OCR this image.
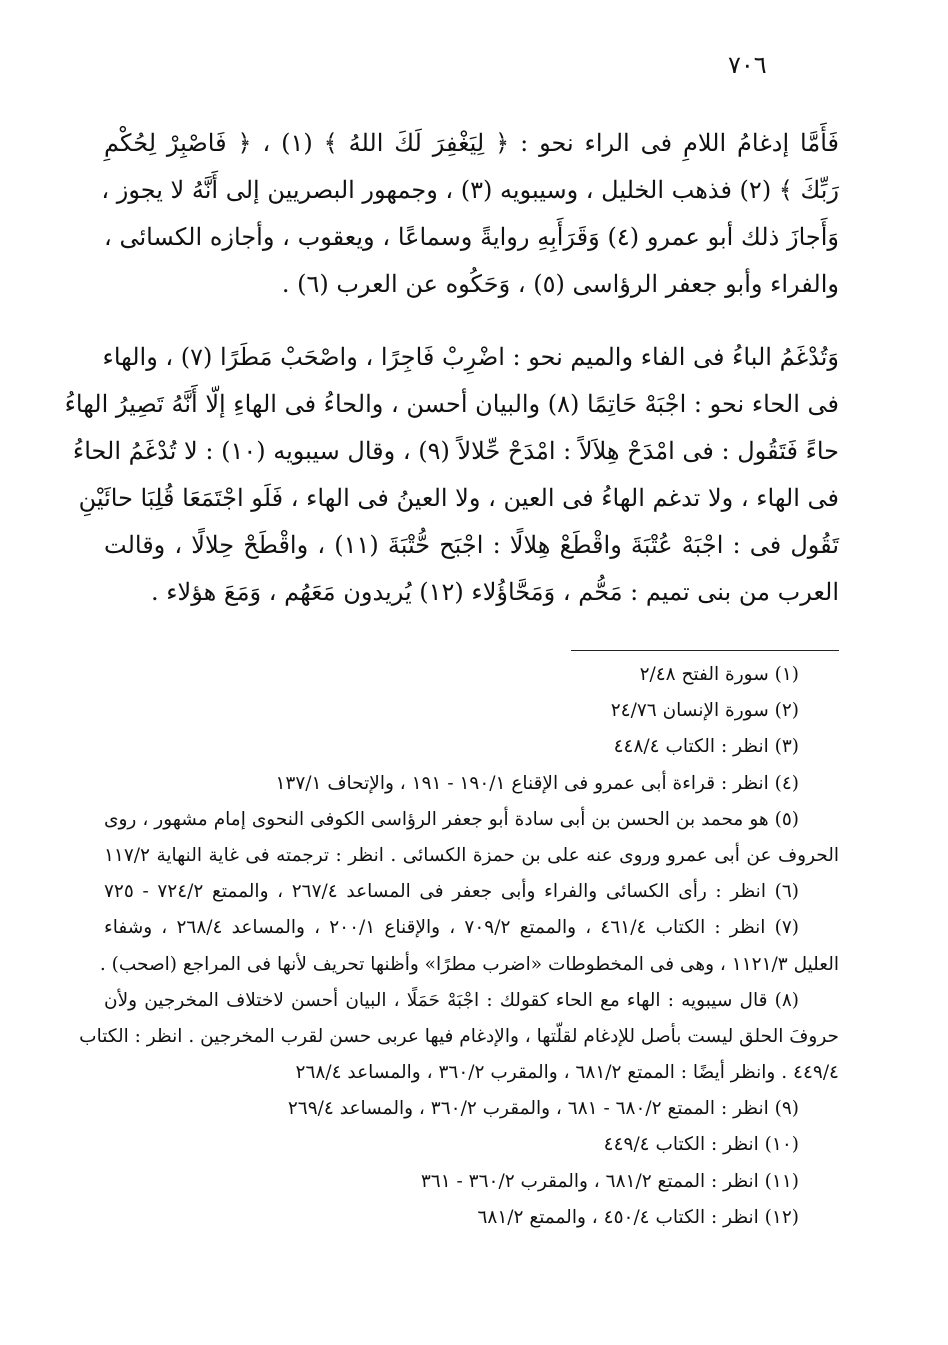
٧٠٦
فَأَمَّا إدغامُ اللامِ فى الراء نحو : ﴿ لِيَغْفِرَ لَكَ اللهُ ﴾ (١) ، ﴿ فَاصْبِرْ لِحُكْمِ
رَبِّكَ ﴾ (٢) فذهب الخليل ، وسيبويه (٣) ، وجمهور البصريين إلى أَنَّهُ لا يجوز ،
وَأَجازَ ذلك أبو عمرو (٤) وَقَرَأَبِهِ روايةً وسماعًا ، ويعقوب ، وأجازه الكسائى ،
والفراء وأبو جعفر الرؤاسى (٥) ، وَحَكُوه عن العرب (٦) .
وَتُدْغَمُ الباءُ فى الفاء والميم نحو : اضْرِبْ فَاجِرًا ، واصْحَبْ مَطَرًا (٧) ، والهاء
فى الحاء نحو : اجْبَهْ حَاتِمًا (٨) والبيان أحسن ، والحاءُ فى الهاءِ إلّا أَنَّهُ تَصِيرُ الهاءُ
حاءً فَتَقُول : فى امْدَحْ هِلاَلاً : امْدَحْ حِّلالاً (٩) ، وقال سيبويه (١٠) : لا تُدْغَمُ الحاءُ
فى الهاء ، ولا تدغم الهاءُ فى العين ، ولا العينُ فى الهاء ، فَلَو اجْتَمَعَا قُلِبَا حائَيْنِ
تَقُول فى : اجْبَهْ عُتْبَةَ واقْطَعْ هِلالًا : اجْبَح حُّتْبَةَ (١١) ، واقْطَحْ حِلالًا ، وقالت
العرب من بنى تميم : مَحُّم ، وَمَحَّاؤُلاء (١٢) يُريدون مَعَهُم ، وَمَعَ هؤلاء .
(١) سورة الفتح ٢/٤٨
(٢) سورة الإنسان ٢٤/٧٦
(٣) انظر : الكتاب ٤٤٨/٤
(٤) انظر : قراءة أبى عمرو فى الإقناع ١٩٠/١ - ١٩١ ، والإتحاف ١٣٧/١
(٥) هو محمد بن الحسن بن أبى سادة أبو جعفر الرؤاسى الكوفى النحوى إمام مشهور ، روى
الحروف عن أبى عمرو وروى عنه على بن حمزة الكسائى . انظر : ترجمته فى غاية النهاية ١١٧/٢
(٦) انظر : رأى الكسائى والفراء وأبى جعفر فى المساعد ٢٦٧/٤ ، والممتع ٧٢٤/٢ - ٧٢٥
(٧) انظر : الكتاب ٤٦١/٤ ، والممتع ٧٠٩/٢ ، والإقناع ٢٠٠/١ ، والمساعد ٢٦٨/٤ ، وشفاء
العليل ١١٢١/٣ ، وهى فى المخطوطات «اضرب مطرًا» وأظنها تحريف لأنها فى المراجع (اصحب) .
(٨) قال سيبويه : الهاء مع الحاء كقولك : اجْبَهْ حَمَلًا ، البيان أحسن لاختلاف المخرجين ولأن
حروفَ الحلق ليست بأصل للإدغام لقلّتها ، والإدغام فيها عربى حسن لقرب المخرجين . انظر : الكتاب
٤٤٩/٤ . وانظر أيضًا : الممتع ٦٨١/٢ ، والمقرب ٣٦٠/٢ ، والمساعد ٢٦٨/٤
(٩) انظر : الممتع ٦٨٠/٢ - ٦٨١ ، والمقرب ٣٦٠/٢ ، والمساعد ٢٦٩/٤
(١٠) انظر : الكتاب ٤٤٩/٤
(١١) انظر : الممتع ٦٨١/٢ ، والمقرب ٣٦٠/٢ - ٣٦١
(١٢) انظر : الكتاب ٤٥٠/٤ ، والممتع ٦٨١/٢
